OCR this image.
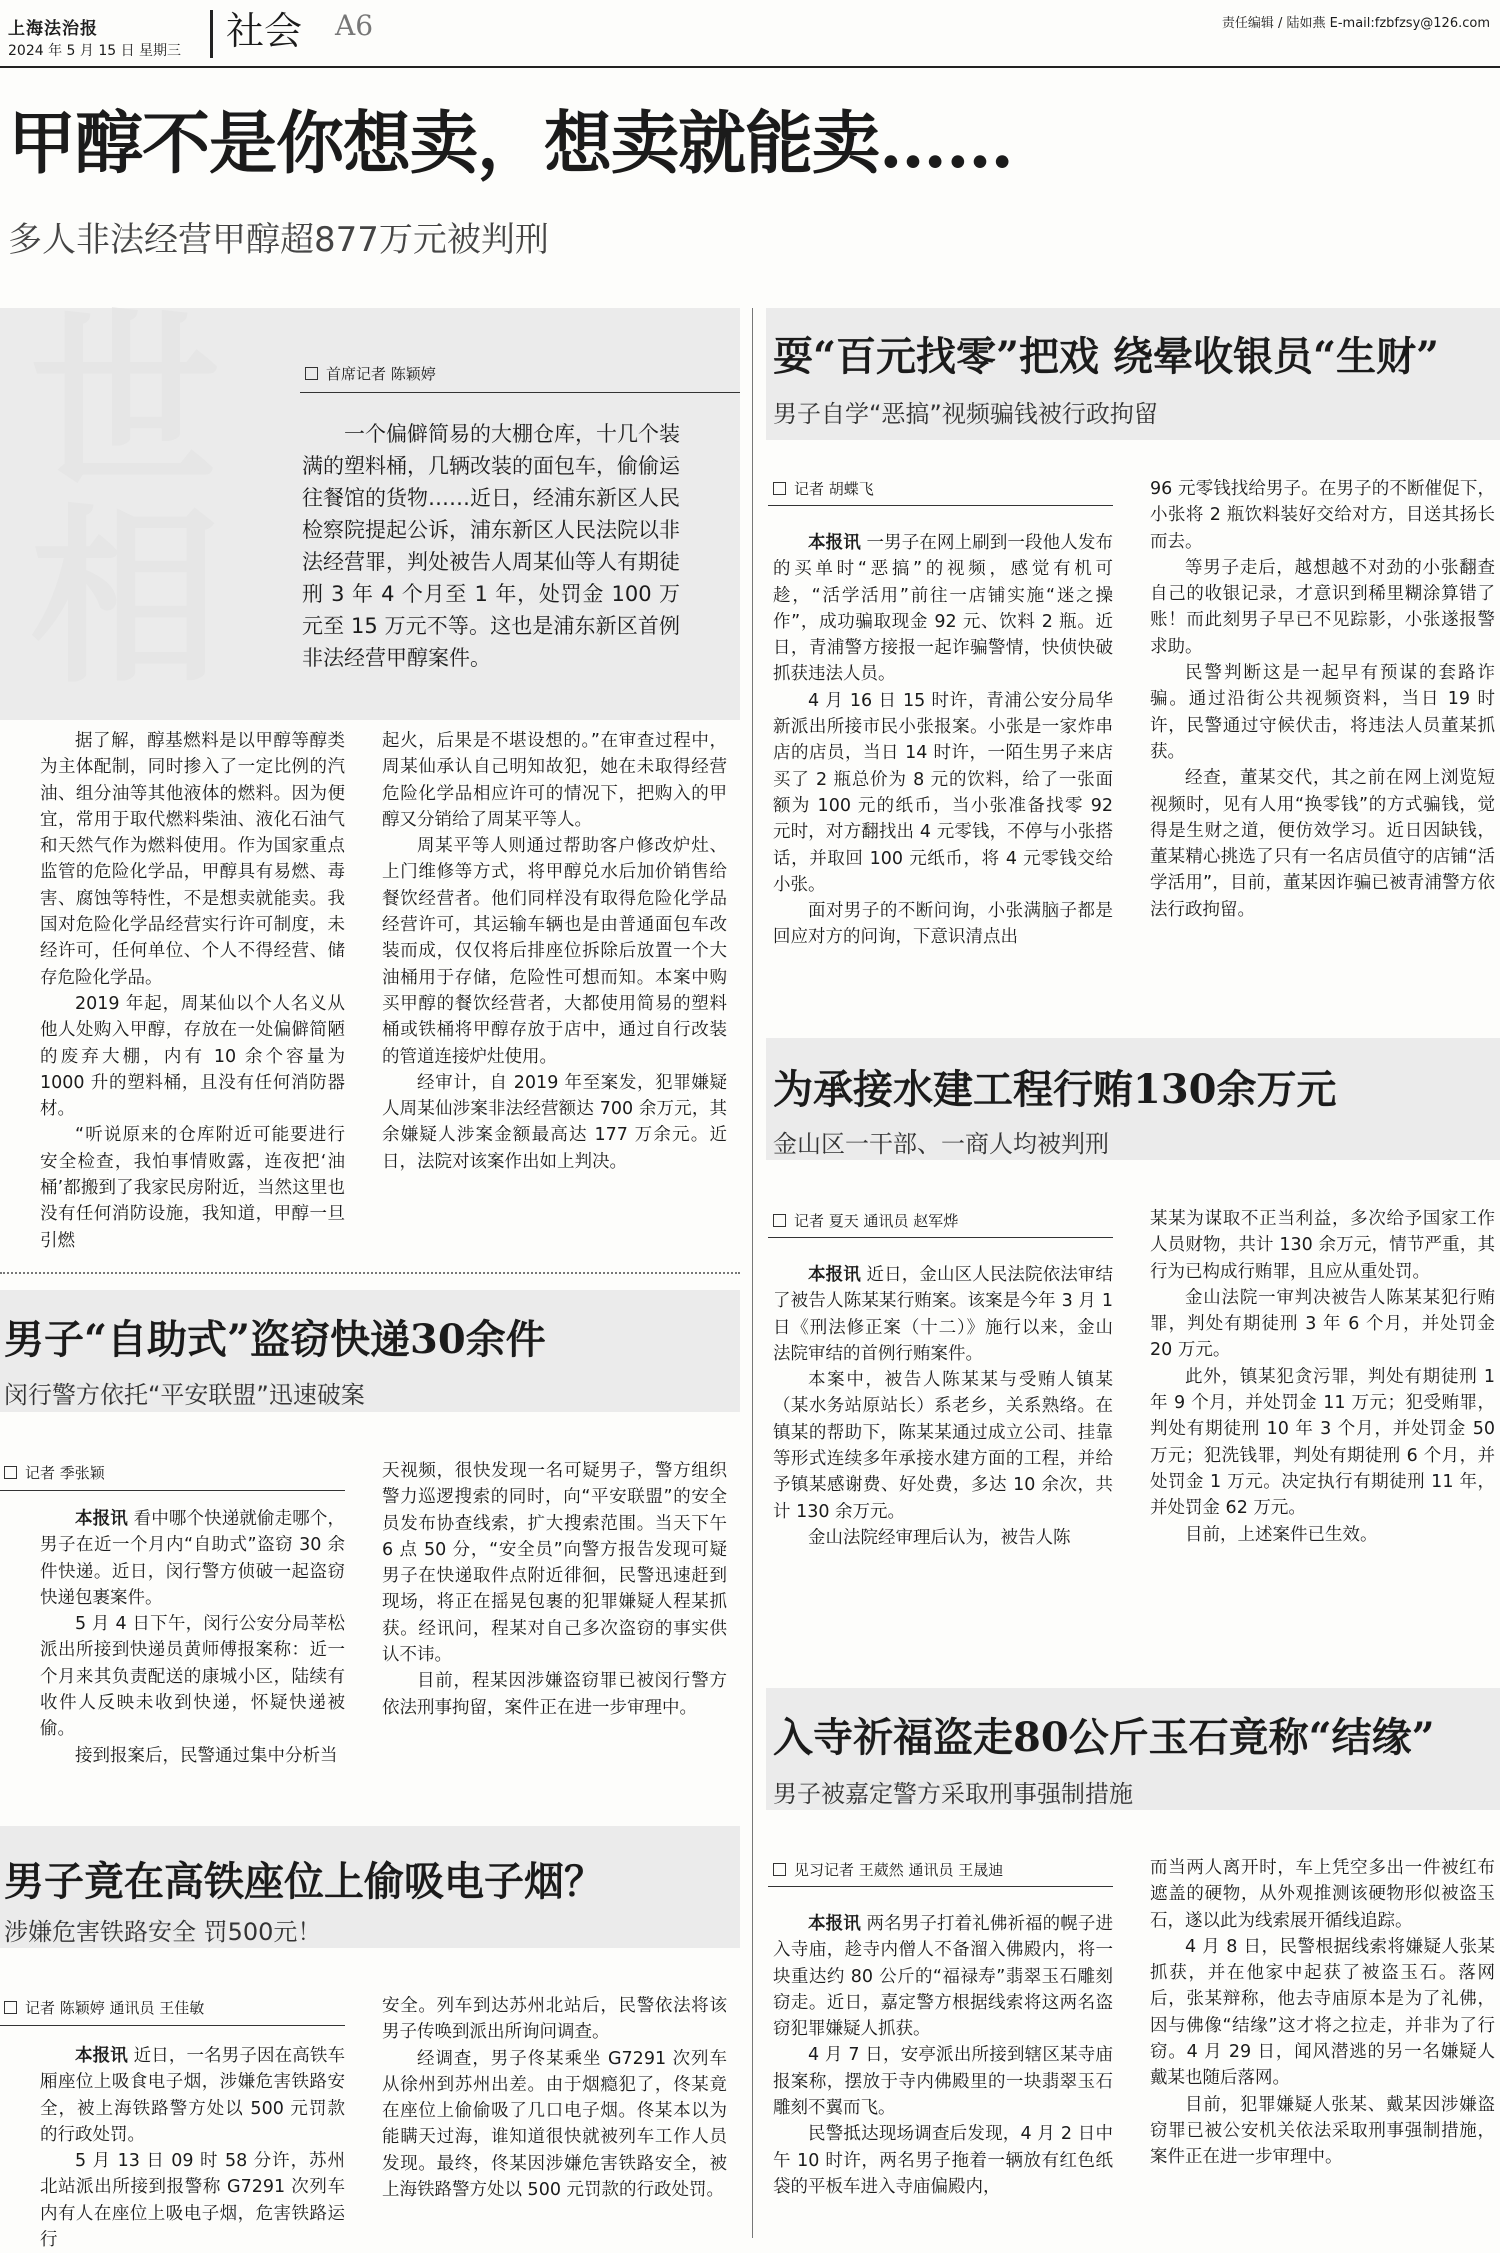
上海法治报
2024 年 5 月 15 日 星期三 社会 A6	责任编辑 / 陆如燕 E-mail:fzbfzsy@126.com
甲醇不是你想卖，想卖就能卖……
多人非法经营甲醇超877万元被判刑
世相
首席记者 陈颖婷
一个偏僻简易的大棚仓库，十几个装满的塑料桶，几辆改装的面包车，偷偷运往餐馆的货物……近日，经浦东新区人民检察院提起公诉，浦东新区人民法院以非法经营罪，判处被告人周某仙等人有期徒刑 3 年 4 个月至 1 年，处罚金 100 万元至 15 万元不等。这也是浦东新区首例非法经营甲醇案件。

据了解，醇基燃料是以甲醇等醇类为主体配制，同时掺入了一定比例的汽油、组分油等其他液体的燃料。因为便宜，常用于取代燃料柴油、液化石油气和天然气作为燃料使用。作为国家重点监管的危险化学品，甲醇具有易燃、毒害、腐蚀等特性，不是想卖就能卖。我国对危险化学品经营实行许可制度，未经许可，任何单位、个人不得经营、储存危险化学品。

2019 年起，周某仙以个人名义从他人处购入甲醇，存放在一处偏僻简陋的废弃大棚，内有 10 余个容量为 1000 升的塑料桶，且没有任何消防器材。

“听说原来的仓库附近可能要进行安全检查，我怕事情败露，连夜把‘油桶’都搬到了我家民房附近，当然这里也没有任何消防设施，我知道，甲醇一旦引燃

起火，后果是不堪设想的。”在审查过程中，周某仙承认自己明知故犯，她在未取得经营危险化学品相应许可的情况下，把购入的甲醇又分销给了周某平等人。

周某平等人则通过帮助客户修改炉灶、上门维修等方式，将甲醇兑水后加价销售给餐饮经营者。他们同样没有取得危险化学品经营许可，其运输车辆也是由普通面包车改装而成，仅仅将后排座位拆除后放置一个大油桶用于存储，危险性可想而知。本案中购买甲醇的餐饮经营者，大都使用简易的塑料桶或铁桶将甲醇存放于店中，通过自行改装的管道连接炉灶使用。

经审计，自 2019 年至案发，犯罪嫌疑人周某仙涉案非法经营额达 700 余万元，其余嫌疑人涉案金额最高达 177 万余元。近日，法院对该案作出如上判决。

耍“百元找零”把戏 绕晕收银员“生财”
男子自学“恶搞”视频骗钱被行政拘留
记者 胡蝶飞

本报讯 一男子在网上刷到一段他人发布的买单时“恶搞”的视频，感觉有机可趁，“活学活用”前往一店铺实施“迷之操作”，成功骗取现金 92 元、饮料 2 瓶。近日，青浦警方接报一起诈骗警情，快侦快破抓获违法人员。

4 月 16 日 15 时许，青浦公安分局华新派出所接市民小张报案。小张是一家炸串店的店员，当日 14 时许，一陌生男子来店买了 2 瓶总价为 8 元的饮料，给了一张面额为 100 元的纸币，当小张准备找零 92 元时，对方翻找出 4 元零钱，不停与小张搭话，并取回 100 元纸币，将 4 元零钱交给小张。

面对男子的不断问询，小张满脑子都是回应对方的问询，下意识清点出

96 元零钱找给男子。在男子的不断催促下，小张将 2 瓶饮料装好交给对方，目送其扬长而去。

等男子走后，越想越不对劲的小张翻查自己的收银记录，才意识到稀里糊涂算错了账！而此刻男子早已不见踪影，小张遂报警求助。

民警判断这是一起早有预谋的套路诈骗。通过沿街公共视频资料，当日 19 时许，民警通过守候伏击，将违法人员董某抓获。

经查，董某交代，其之前在网上浏览短视频时，见有人用“换零钱”的方式骗钱，觉得是生财之道，便仿效学习。近日因缺钱，董某精心挑选了只有一名店员值守的店铺“活学活用”，目前，董某因诈骗已被青浦警方依法行政拘留。

为承接水建工程行贿130余万元
金山区一干部、一商人均被判刑
记者 夏天 通讯员 赵军烨

本报讯 近日，金山区人民法院依法审结了被告人陈某某行贿案。该案是今年 3 月 1 日《刑法修正案（十二）》施行以来，金山法院审结的首例行贿案件。

本案中，被告人陈某某与受贿人镇某（某水务站原站长）系老乡，关系熟络。在镇某的帮助下，陈某某通过成立公司、挂靠等形式连续多年承接水建方面的工程，并给予镇某感谢费、好处费，多达 10 余次，共计 130 余万元。

金山法院经审理后认为，被告人陈

某某为谋取不正当利益，多次给予国家工作人员财物，共计 130 余万元，情节严重，其行为已构成行贿罪，且应从重处罚。

金山法院一审判决被告人陈某某犯行贿罪，判处有期徒刑 3 年 6 个月，并处罚金 20 万元。

此外，镇某犯贪污罪，判处有期徒刑 1 年 9 个月，并处罚金 11 万元；犯受贿罪，判处有期徒刑 10 年 3 个月，并处罚金 50 万元；犯洗钱罪，判处有期徒刑 6 个月，并处罚金 1 万元。决定执行有期徒刑 11 年，并处罚金 62 万元。

目前，上述案件已生效。

入寺祈福盗走80公斤玉石竟称“结缘”
男子被嘉定警方采取刑事强制措施
见习记者 王葳然 通讯员 王晟迪

本报讯 两名男子打着礼佛祈福的幌子进入寺庙，趁寺内僧人不备溜入佛殿内，将一块重达约 80 公斤的“福禄寿”翡翠玉石雕刻窃走。近日，嘉定警方根据线索将这两名盗窃犯罪嫌疑人抓获。

4 月 7 日，安亭派出所接到辖区某寺庙报案称，摆放于寺内佛殿里的一块翡翠玉石雕刻不翼而飞。

民警抵达现场调查后发现，4 月 2 日中午 10 时许，两名男子拖着一辆放有红色纸袋的平板车进入寺庙偏殿内，

而当两人离开时，车上凭空多出一件被红布遮盖的硬物，从外观推测该硬物形似被盗玉石，遂以此为线索展开循线追踪。

4 月 8 日，民警根据线索将嫌疑人张某抓获，并在他家中起获了被盗玉石。落网后，张某辩称，他去寺庙原本是为了礼佛，因与佛像“结缘”这才将之拉走，并非为了行窃。4 月 29 日，闻风潜逃的另一名嫌疑人戴某也随后落网。

目前，犯罪嫌疑人张某、戴某因涉嫌盗窃罪已被公安机关依法采取刑事强制措施，案件正在进一步审理中。

男子“自助式”盗窃快递30余件
闵行警方依托“平安联盟”迅速破案
记者 季张颖

本报讯 看中哪个快递就偷走哪个，男子在近一个月内“自助式”盗窃 30 余件快递。近日，闵行警方侦破一起盗窃快递包裹案件。

5 月 4 日下午，闵行公安分局莘松派出所接到快递员黄师傅报案称：近一个月来其负责配送的康城小区，陆续有收件人反映未收到快递，怀疑快递被偷。

接到报案后，民警通过集中分析当

天视频，很快发现一名可疑男子，警方组织警力巡逻搜索的同时，向“平安联盟”的安全员发布协查线索，扩大搜索范围。当天下午 6 点 50 分，“安全员”向警方报告发现可疑男子在快递取件点附近徘徊，民警迅速赶到现场，将正在摇晃包裹的犯罪嫌疑人程某抓获。经讯问，程某对自己多次盗窃的事实供认不讳。

目前，程某因涉嫌盗窃罪已被闵行警方依法刑事拘留，案件正在进一步审理中。

男子竟在高铁座位上偷吸电子烟？
涉嫌危害铁路安全 罚500元！
记者 陈颖婷 通讯员 王佳敏

本报讯 近日，一名男子因在高铁车厢座位上吸食电子烟，涉嫌危害铁路安全，被上海铁路警方处以 500 元罚款的行政处罚。

5 月 13 日 09 时 58 分许，苏州北站派出所接到报警称 G7291 次列车内有人在座位上吸电子烟，危害铁路运行

安全。列车到达苏州北站后，民警依法将该男子传唤到派出所询问调查。

经调查，男子佟某乘坐 G7291 次列车从徐州到苏州出差。由于烟瘾犯了，佟某竟在座位上偷偷吸了几口电子烟。佟某本以为能瞒天过海，谁知道很快就被列车工作人员发现。最终，佟某因涉嫌危害铁路安全，被上海铁路警方处以 500 元罚款的行政处罚。
